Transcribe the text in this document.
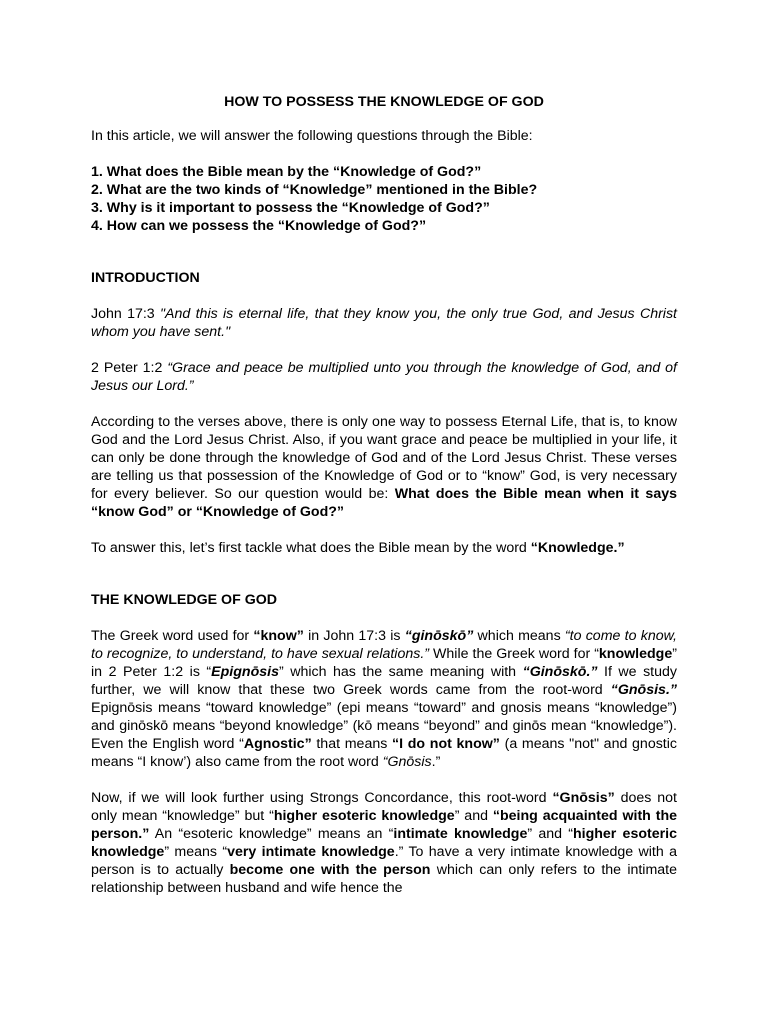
HOW TO POSSESS THE KNOWLEDGE OF GOD

In this article, we will answer the following questions through the Bible:

1. What does the Bible mean by the “Knowledge of God?”

2. What are the two kinds of “Knowledge” mentioned in the Bible?

3. Why is it important to possess the “Knowledge of God?”

4. How can we possess the “Knowledge of God?”

INTRODUCTION

John 17:3 "And this is eternal life, that they know you, the only true God, and Jesus Christ whom you have sent."

2 Peter 1:2 “Grace and peace be multiplied unto you through the knowledge of God, and of Jesus our Lord.”

According to the verses above, there is only one way to possess Eternal Life, that is, to know God and the Lord Jesus Christ. Also, if you want grace and peace be multiplied in your life, it can only be done through the knowledge of God and of the Lord Jesus Christ. These verses are telling us that possession of the Knowledge of God or to “know” God, is very necessary for every believer. So our question would be: What does the Bible mean when it says “know God” or “Knowledge of God?”

To answer this, let’s first tackle what does the Bible mean by the word “Knowledge.”

THE KNOWLEDGE OF GOD

The Greek word used for “know” in John 17:3 is “ginōskō” which means “to come to know, to recognize, to understand, to have sexual relations.” While the Greek word for “knowledge” in 2 Peter 1:2 is “Epignōsis” which has the same meaning with “Ginōskō.” If we study further, we will know that these two Greek words came from the root-word “Gnōsis.” Epignōsis means “toward knowledge” (epi means “toward” and gnosis means “knowledge”) and ginōskō means “beyond knowledge” (kō means “beyond” and ginōs mean “knowledge”). Even the English word “Agnostic” that means “I do not know” (a means "not" and gnostic means “I know’) also came from the root word “Gnōsis.”

Now, if we will look further using Strongs Concordance, this root-word “Gnōsis” does not only mean “knowledge” but “higher esoteric knowledge” and “being acquainted with the person.” An “esoteric knowledge” means an “intimate knowledge” and “higher esoteric knowledge” means “very intimate knowledge.” To have a very intimate knowledge with a person is to actually become one with the person which can only refers to the intimate relationship between husband and wife hence the
